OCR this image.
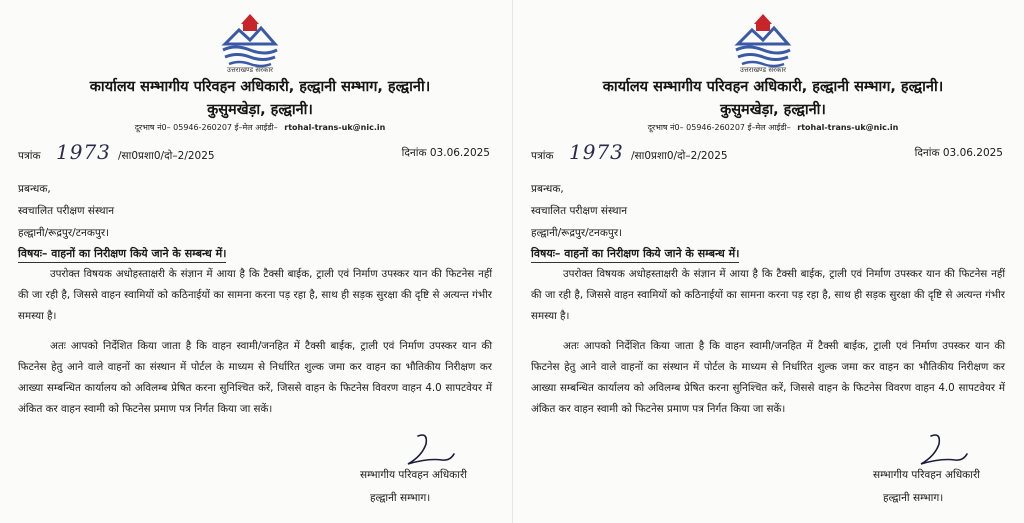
उत्तराखण्ड सरकार
कार्यालय सम्भागीय परिवहन अधिकारी, हल्द्वानी सम्भाग, हल्द्वानी।
कुसुमखेड़ा, हल्द्वानी।
दूरभाष नं0– 05946-260207 ई–मेल आईडी– rtohal-trans-uk@nic.in
पत्रांक 1973 /सा0प्रशा0/दो–2/2025	दिनांक 03.06.2025
प्रबन्धक,
स्वचालित परीक्षण संस्थान
हल्द्वानी/रूद्रपुर/टनकपुर।
विषयः– वाहनों का निरीक्षण किये जाने के सम्बन्ध में।
उपरोक्त विषयक अधोहस्ताक्षरी के संज्ञान में आया है कि टैक्सी बाईक, ट्राली एवं निर्माण उपस्कर यान की फिटनेस नहीं की जा रही है, जिससे वाहन स्वामियों को कठिनाईयों का सामना करना पड़ रहा है, साथ ही सड़क सुरक्षा की दृष्टि से अत्यन्त गंभीर समस्या है।
अतः आपको निर्देशित किया जाता है कि वाहन स्वामी/जनहित में टैक्सी बाईक, ट्राली एवं निर्माण उपस्कर यान की फिटनेस हेतु आने वाले वाहनों का संस्थान में पोर्टल के माध्यम से निर्धारित शुल्क जमा कर वाहन का भौतिकीय निरीक्षण कर आख्या सम्बन्धित कार्यालय को अविलम्ब प्रेषित करना सुनिश्चित करें, जिससे वाहन के फिटनेस विवरण वाहन 4.0 सापटवेयर में अंकित कर वाहन स्वामी को फिटनेस प्रमाण पत्र निर्गत किया जा सकें।
सम्भागीय परिवहन अधिकारी
हल्द्वानी सम्भाग।
उत्तराखण्ड सरकार
कार्यालय सम्भागीय परिवहन अधिकारी, हल्द्वानी सम्भाग, हल्द्वानी।
कुसुमखेड़ा, हल्द्वानी।
दूरभाष नं0– 05946-260207 ई–मेल आईडी– rtohal-trans-uk@nic.in
पत्रांक 1973 /सा0प्रशा0/दो–2/2025	दिनांक 03.06.2025
प्रबन्धक,
स्वचालित परीक्षण संस्थान
हल्द्वानी/रूद्रपुर/टनकपुर।
विषयः– वाहनों का निरीक्षण किये जाने के सम्बन्ध में।
उपरोक्त विषयक अधोहस्ताक्षरी के संज्ञान में आया है कि टैक्सी बाईक, ट्राली एवं निर्माण उपस्कर यान की फिटनेस नहीं की जा रही है, जिससे वाहन स्वामियों को कठिनाईयों का सामना करना पड़ रहा है, साथ ही सड़क सुरक्षा की दृष्टि से अत्यन्त गंभीर समस्या है।
अतः आपको निर्देशित किया जाता है कि वाहन स्वामी/जनहित में टैक्सी बाईक, ट्राली एवं निर्माण उपस्कर यान की फिटनेस हेतु आने वाले वाहनों का संस्थान में पोर्टल के माध्यम से निर्धारित शुल्क जमा कर वाहन का भौतिकीय निरीक्षण कर आख्या सम्बन्धित कार्यालय को अविलम्ब प्रेषित करना सुनिश्चित करें, जिससे वाहन के फिटनेस विवरण वाहन 4.0 सापटवेयर में अंकित कर वाहन स्वामी को फिटनेस प्रमाण पत्र निर्गत किया जा सकें।
सम्भागीय परिवहन अधिकारी
हल्द्वानी सम्भाग।
